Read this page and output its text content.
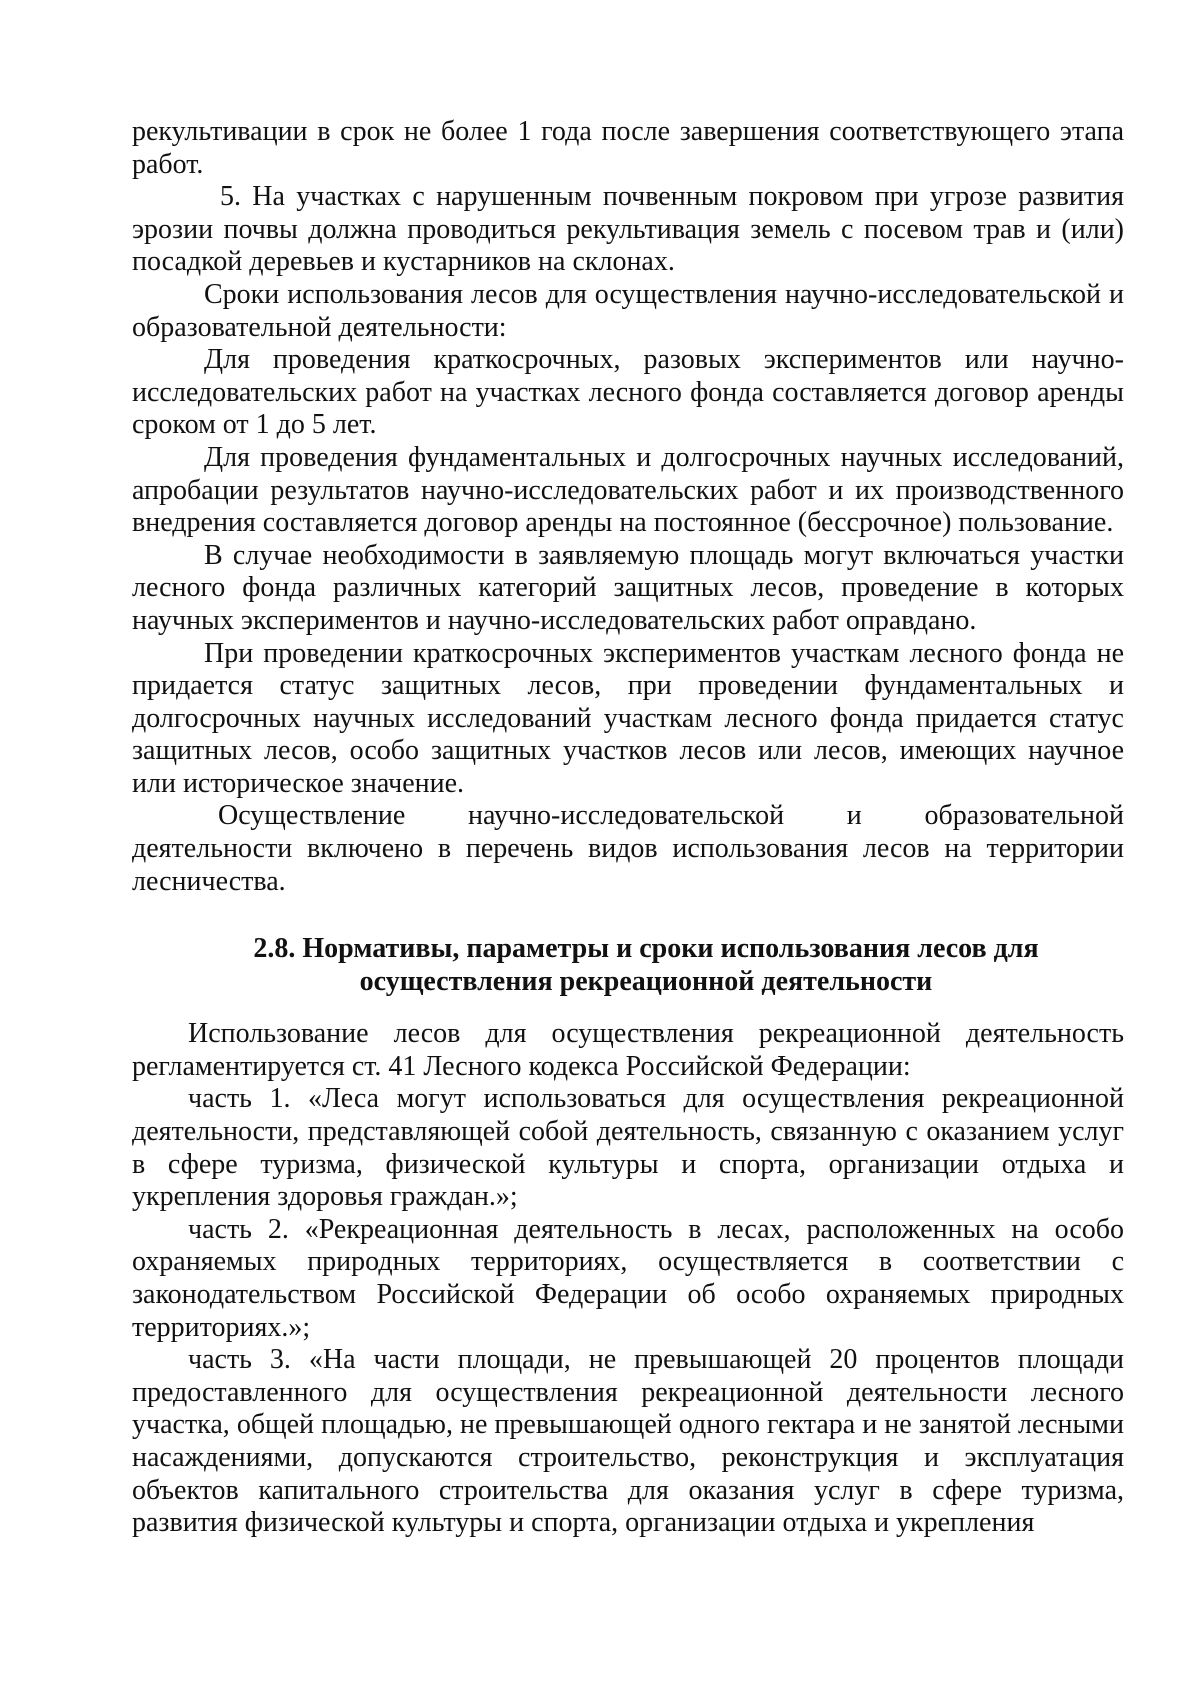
рекультивации в срок не более 1 года после завершения соответствующего этапа работ.

5. На участках с нарушенным почвенным покровом при угрозе развития эрозии почвы должна проводиться рекультивация земель с посевом трав и (или) посадкой деревьев и кустарников на склонах.

Сроки использования лесов для осуществления научно-исследовательской и образовательной деятельности:

Для проведения краткосрочных, разовых экспериментов или научно-исследовательских работ на участках лесного фонда составляется договор аренды сроком от 1 до 5 лет.

Для проведения фундаментальных и долгосрочных научных исследований, апробации результатов научно-исследовательских работ и их производственного внедрения составляется договор аренды на постоянное (бессрочное) пользование.

В случае необходимости в заявляемую площадь могут включаться участки лесного фонда различных категорий защитных лесов, проведение в которых научных экспериментов и научно-исследовательских работ оправдано.

При проведении краткосрочных экспериментов участкам лесного фонда не придается статус защитных лесов, при проведении фундаментальных и долгосрочных научных исследований участкам лесного фонда придается статус защитных лесов, особо защитных участков лесов или лесов, имеющих научное или историческое значение.

Осуществление научно-исследовательской и образовательной деятельности включено в перечень видов использования лесов на территории лесничества.

2.8. Нормативы, параметры и сроки использования лесов для
осуществления рекреационной деятельности

Использование лесов для осуществления рекреационной деятельность регламентируется ст. 41 Лесного кодекса Российской Федерации:

часть 1. «Леса могут использоваться для осуществления рекреационной деятельности, представляющей собой деятельность, связанную с оказанием услуг в сфере туризма, физической культуры и спорта, организации отдыха и укрепления здоровья граждан.»;

часть 2. «Рекреационная деятельность в лесах, расположенных на особо охраняемых природных территориях, осуществляется в соответствии с законодательством Российской Федерации об особо охраняемых природных территориях.»;

часть 3. «На части площади, не превышающей 20 процентов площади предоставленного для осуществления рекреационной деятельности лесного участка, общей площадью, не превышающей одного гектара и не занятой лесными насаждениями, допускаются строительство, реконструкция и эксплуатация объектов капитального строительства для оказания услуг в сфере туризма, развития физической культуры и спорта, организации отдыха и укрепления
